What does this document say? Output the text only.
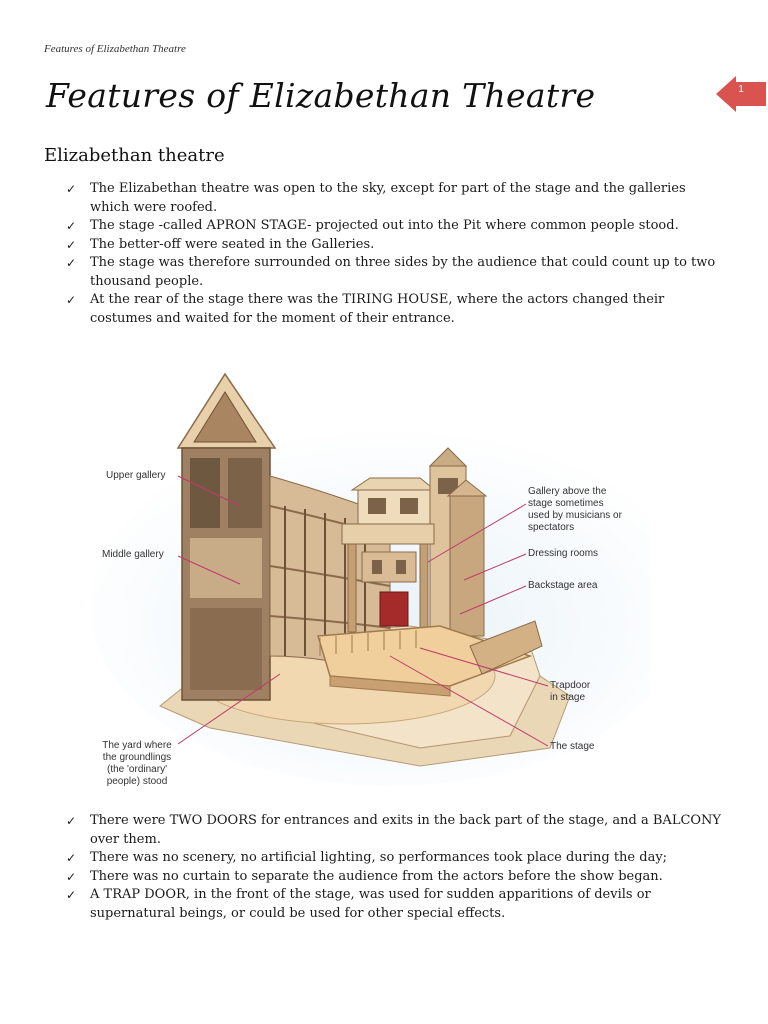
Features of Elizabethan Theatre
Features of Elizabethan Theatre	1
Elizabethan theatre
✓ The Elizabethan theatre was open to the sky, except for part of the stage and the galleries which were roofed.
✓ The stage -called APRON STAGE- projected out into the Pit where common people stood.
✓ The better-off were seated in the Galleries.
✓ The stage was therefore surrounded on three sides by the audience that could count up to two thousand people.
✓ At the rear of the stage there was the TIRING HOUSE, where the actors changed their costumes and waited for the moment of their entrance.
Upper gallery
Middle gallery
The yard where the groundlings (the 'ordinary' people) stood
Gallery above the stage sometimes used by musicians or spectators
Dressing rooms
Backstage area
Trapdoor in stage
The stage
✓ There were TWO DOORS for entrances and exits in the back part of the stage, and a BALCONY over them.
✓ There was no scenery, no artificial lighting, so performances took place during the day;
✓ There was no curtain to separate the audience from the actors before the show began.
✓ A TRAP DOOR, in the front of the stage, was used for sudden apparitions of devils or supernatural beings, or could be used for other special effects.
